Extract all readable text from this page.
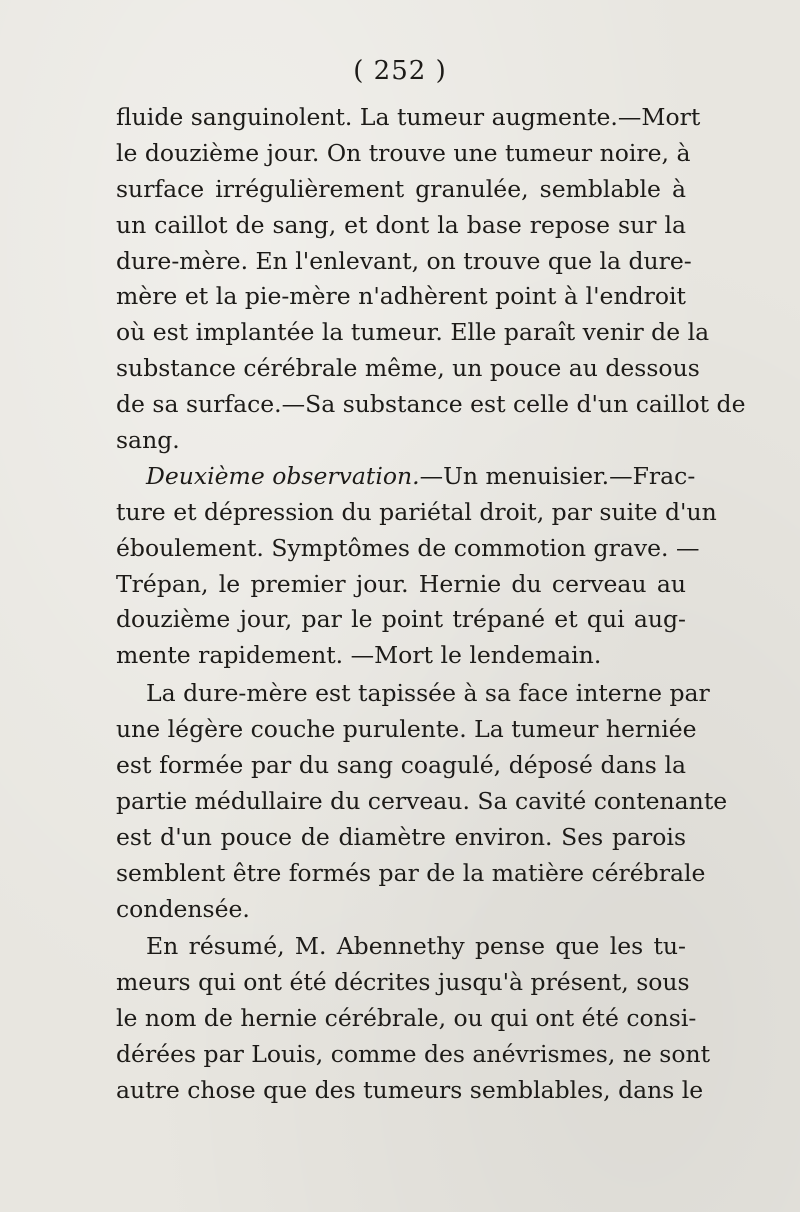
( 252 )
fluide sanguinolent. La tumeur augmente.—Mort
le douzième jour. On trouve une tumeur noire, à
surface irrégulièrement granulée, semblable à
un caillot de sang, et dont la base repose sur la
dure-mère. En l'enlevant, on trouve que la dure-
mère et la pie-mère n'adhèrent point à l'endroit
où est implantée la tumeur. Elle paraît venir de la
substance cérébrale même, un pouce au dessous
de sa surface.—Sa substance est celle d'un caillot de
sang.
Deuxième observation.—Un menuisier.—Frac-
ture et dépression du pariétal droit, par suite d'un
éboulement. Symptômes de commotion grave. —
Trépan, le premier jour. Hernie du cerveau au
douzième jour, par le point trépané et qui aug-
mente rapidement. —Mort le lendemain.
La dure-mère est tapissée à sa face interne par
une légère couche purulente. La tumeur herniée
est formée par du sang coagulé, déposé dans la
partie médullaire du cerveau. Sa cavité contenante
est d'un pouce de diamètre environ. Ses parois
semblent être formés par de la matière cérébrale
condensée.
En résumé, M. Abennethy pense que les tu-
meurs qui ont été décrites jusqu'à présent, sous
le nom de hernie cérébrale, ou qui ont été consi-
dérées par Louis, comme des anévrismes, ne sont
autre chose que des tumeurs semblables, dans le
